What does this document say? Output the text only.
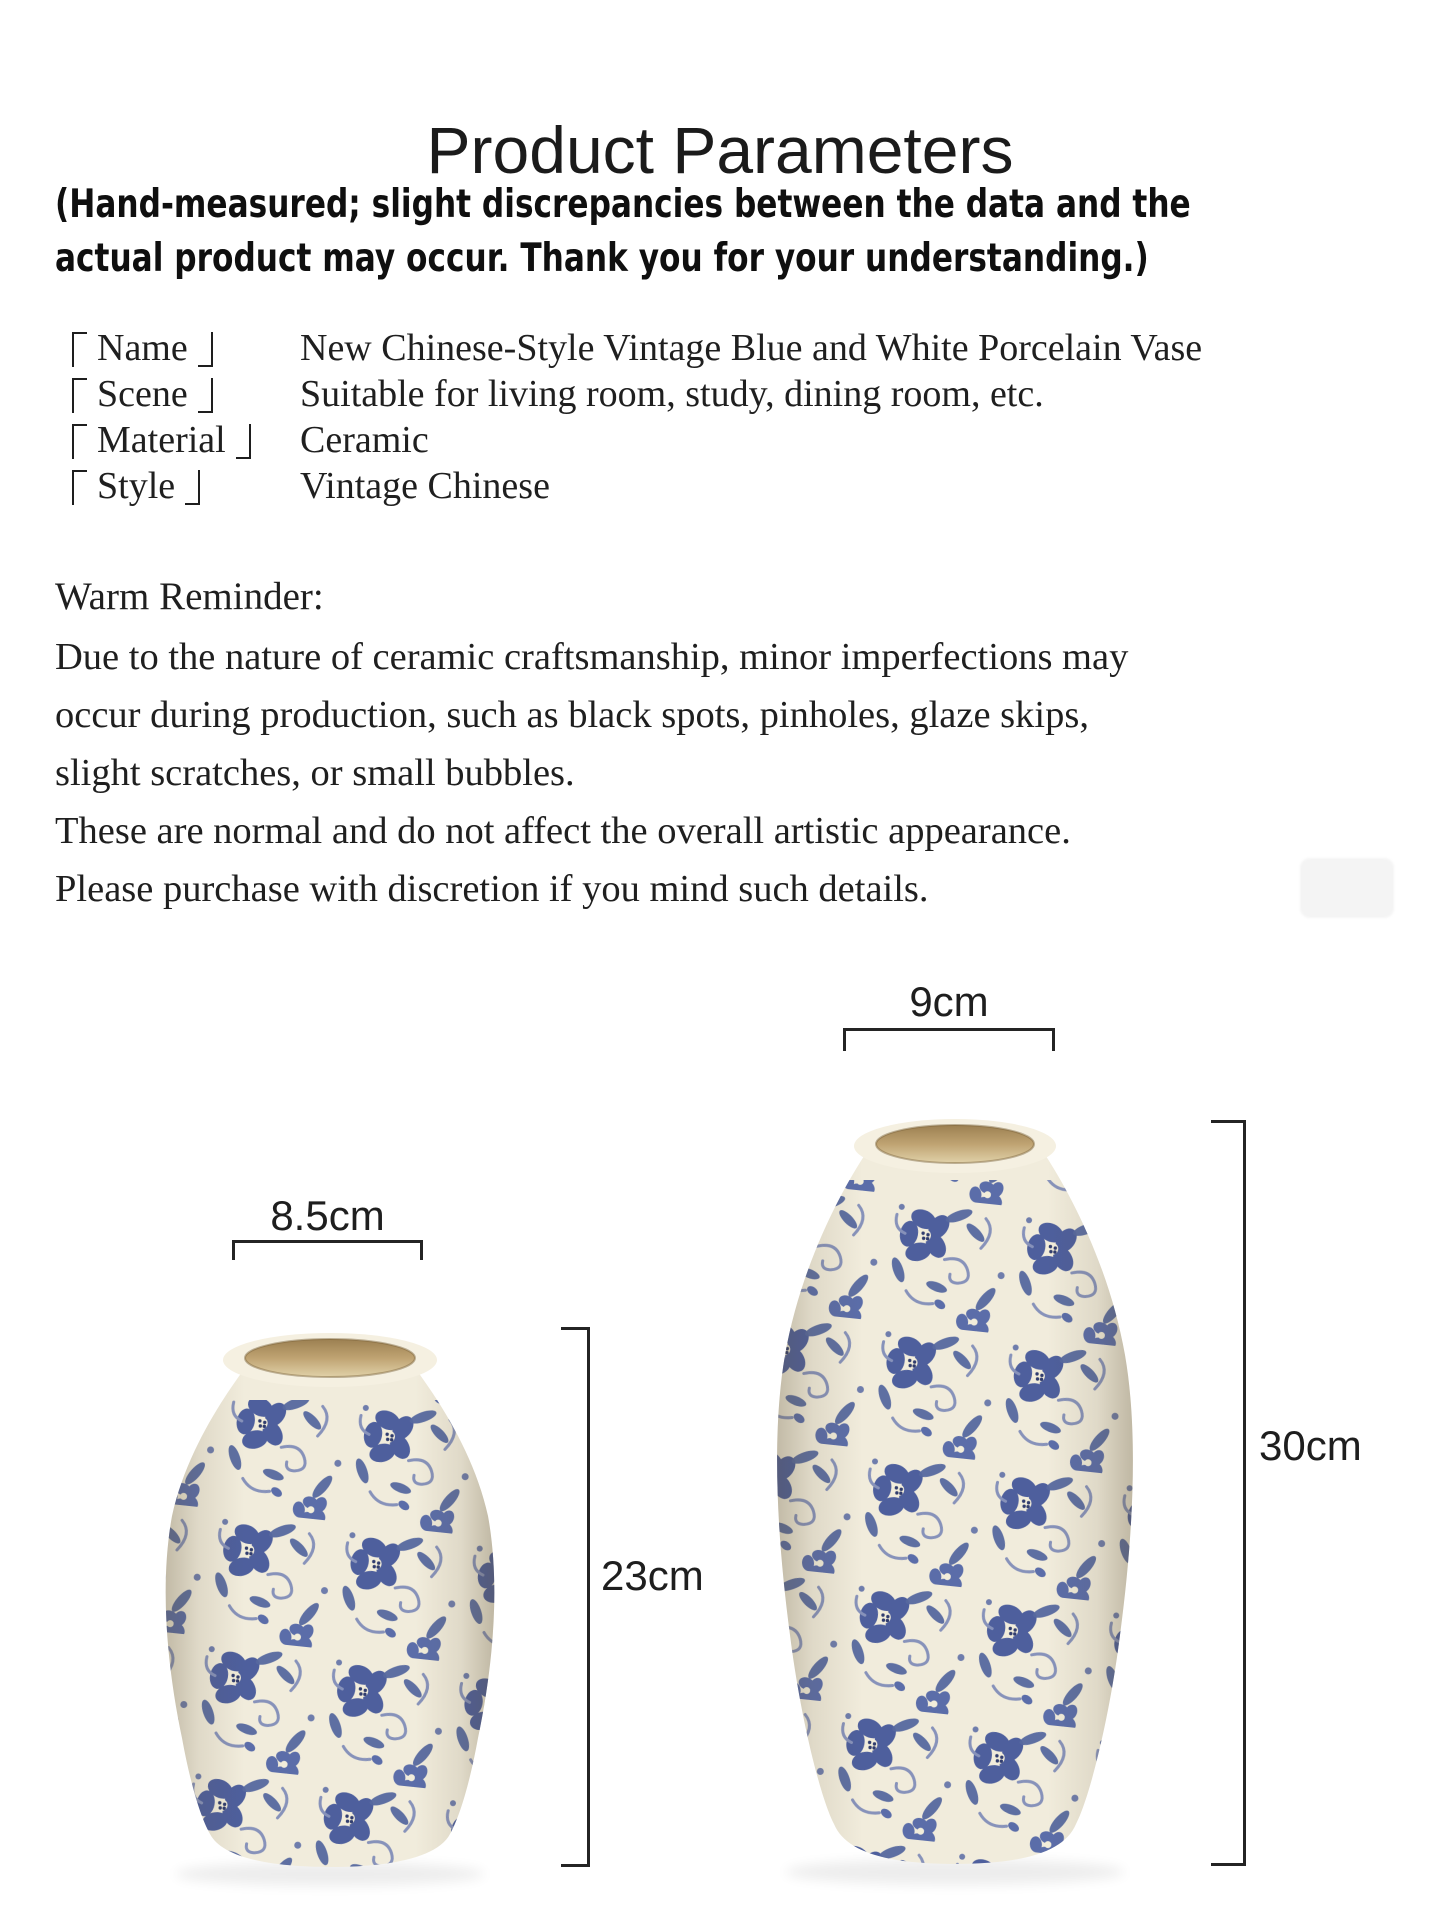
Product Parameters
(Hand-measured; slight discrepancies between the data and the
actual product may occur. Thank you for your understanding.)
Name	New Chinese-Style Vintage Blue and White Porcelain Vase
Scene	Suitable for living room, study, dining room, etc.
Material	Ceramic
Style	Vintage Chinese
Warm Reminder:
Due to the nature of ceramic craftsmanship, minor imperfections may
occur during production, such as black spots, pinholes, glaze skips,
slight scratches, or small bubbles.
These are normal and do not affect the overall artistic appearance.
Please purchase with discretion if you mind such details.
9cm
8.5cm
23cm
30cm
